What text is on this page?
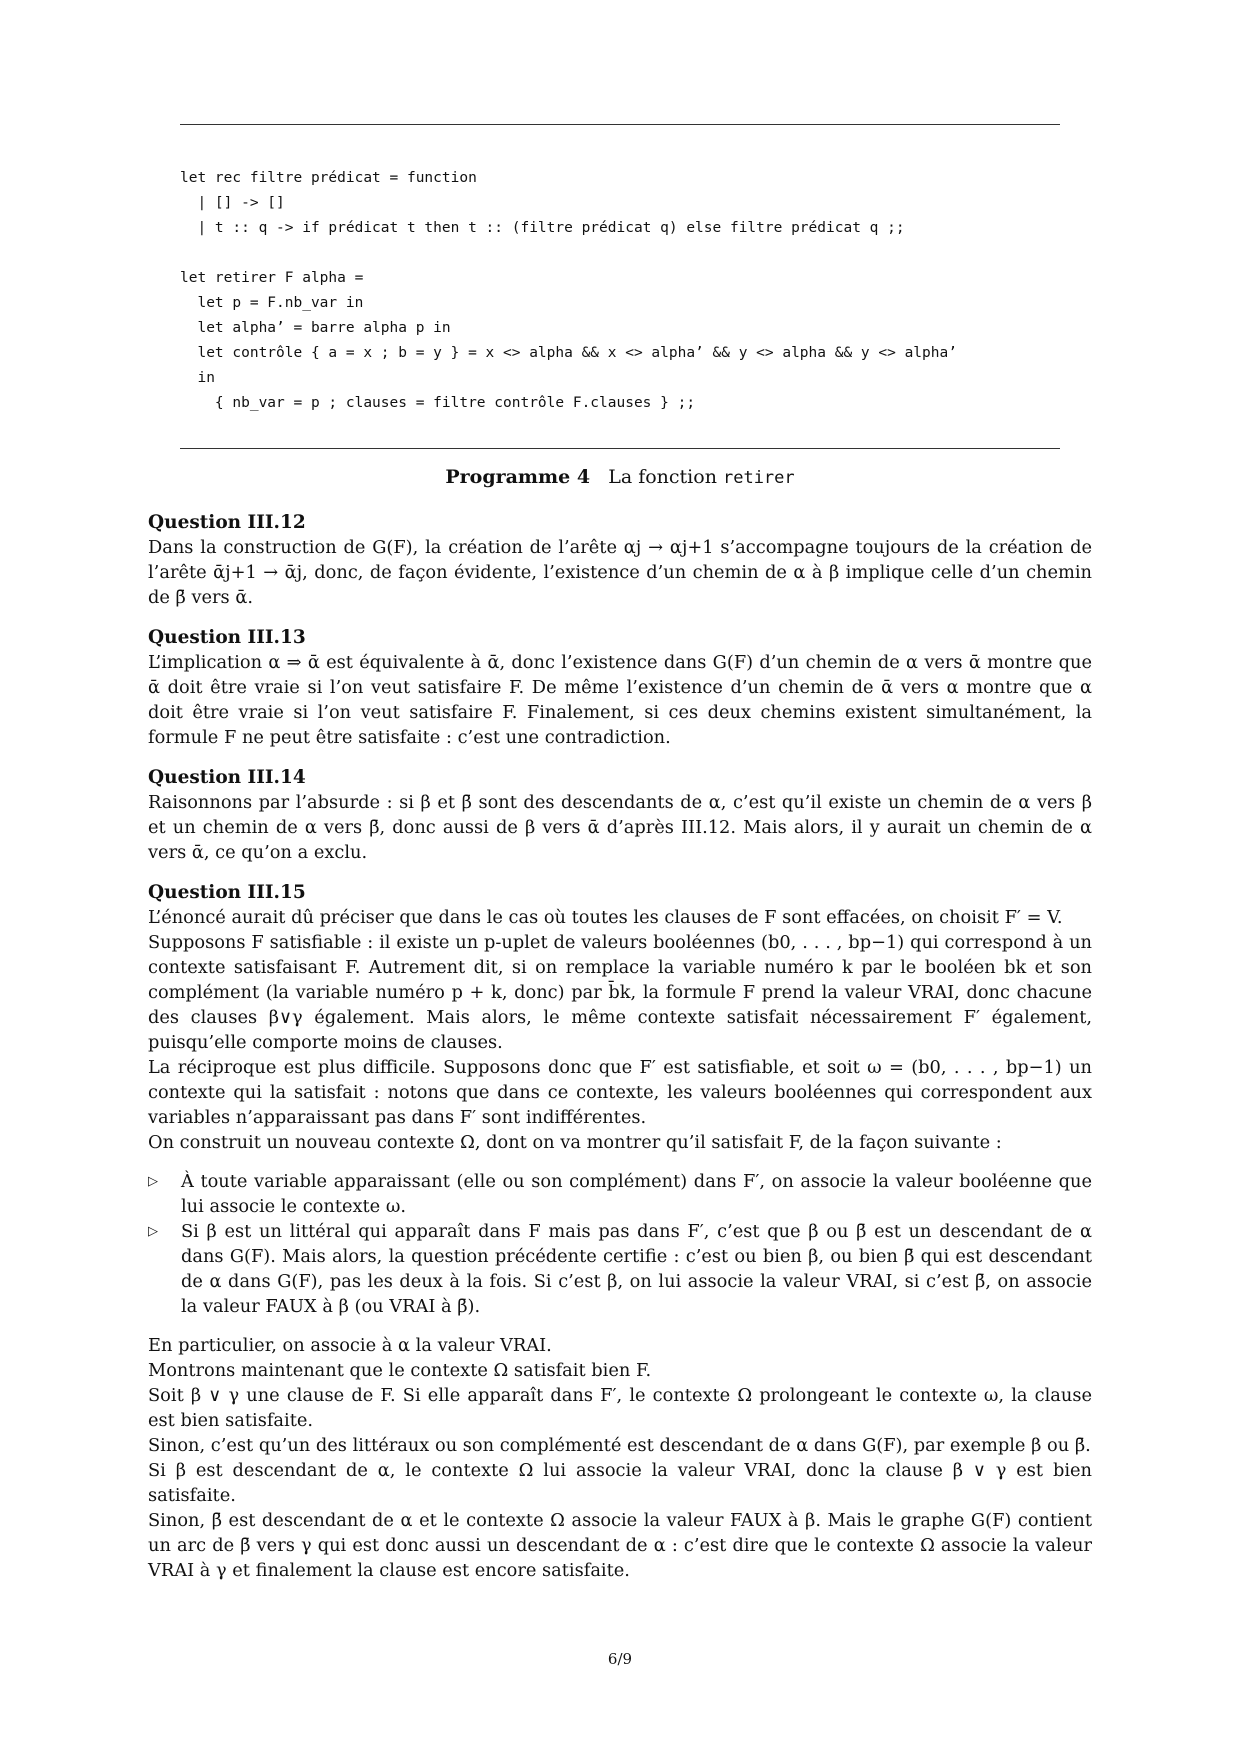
let rec filtre prédicat = function
| [] -> []
| t :: q -> if prédicat t then t :: (filtre prédicat q) else filtre prédicat q ;;
let retirer F alpha =
let p = F.nb_var in
let alpha’ = barre alpha p in
let contrôle { a = x ; b = y } = x <> alpha && x <> alpha’ && y <> alpha && y <> alpha’
in
{ nb_var = p ; clauses = filtre contrôle F.clauses } ;;
Programme 4 La fonction retirer
Question III.12

Dans la construction de G(F), la création de l’arête αj → αj+1 s’accompagne toujours de la création de l’arête ᾱj+1 → ᾱj, donc, de façon évidente, l’existence d’un chemin de α à β implique celle d’un chemin de β̄ vers ᾱ.

Question III.13

L’implication α ⇒ ᾱ est équivalente à ᾱ, donc l’existence dans G(F) d’un chemin de α vers ᾱ montre que ᾱ doit être vraie si l’on veut satisfaire F. De même l’existence d’un chemin de ᾱ vers α montre que α doit être vraie si l’on veut satisfaire F. Finalement, si ces deux chemins existent simultanément, la formule F ne peut être satisfaite : c’est une contradiction.

Question III.14

Raisonnons par l’absurde : si β et β̄ sont des descendants de α, c’est qu’il existe un chemin de α vers β et un chemin de α vers β̄, donc aussi de β vers ᾱ d’après III.12. Mais alors, il y aurait un chemin de α vers ᾱ, ce qu’on a exclu.

Question III.15

L’énoncé aurait dû préciser que dans le cas où toutes les clauses de F sont effacées, on choisit F′ = V.

Supposons F satisfiable : il existe un p-uplet de valeurs booléennes (b0, . . . , bp−1) qui correspond à un contexte satisfaisant F. Autrement dit, si on remplace la variable numéro k par le booléen bk et son complément (la variable numéro p + k, donc) par b̄k, la formule F prend la valeur VRAI, donc chacune des clauses β∨γ également. Mais alors, le même contexte satisfait nécessairement F′ également, puisqu’elle comporte moins de clauses.

La réciproque est plus difficile. Supposons donc que F′ est satisfiable, et soit ω = (b0, . . . , bp−1) un contexte qui la satisfait : notons que dans ce contexte, les valeurs booléennes qui correspondent aux variables n’apparaissant pas dans F′ sont indifférentes.

On construit un nouveau contexte Ω, dont on va montrer qu’il satisfait F, de la façon suivante :

▷ À toute variable apparaissant (elle ou son complément) dans F′, on associe la valeur booléenne que lui associe le contexte ω.
▷ Si β est un littéral qui apparaît dans F mais pas dans F′, c’est que β ou β̄ est un descendant de α dans G(F). Mais alors, la question précédente certifie : c’est ou bien β, ou bien β̄ qui est descendant de α dans G(F), pas les deux à la fois. Si c’est β, on lui associe la valeur VRAI, si c’est β̄, on associe la valeur FAUX à β (ou VRAI à β̄).

En particulier, on associe à α la valeur VRAI.

Montrons maintenant que le contexte Ω satisfait bien F.

Soit β ∨ γ une clause de F. Si elle apparaît dans F′, le contexte Ω prolongeant le contexte ω, la clause est bien satisfaite.

Sinon, c’est qu’un des littéraux ou son complémenté est descendant de α dans G(F), par exemple β ou β̄.

Si β est descendant de α, le contexte Ω lui associe la valeur VRAI, donc la clause β ∨ γ est bien satisfaite.

Sinon, β̄ est descendant de α et le contexte Ω associe la valeur FAUX à β. Mais le graphe G(F) contient un arc de β̄ vers γ qui est donc aussi un descendant de α : c’est dire que le contexte Ω associe la valeur VRAI à γ et finalement la clause est encore satisfaite.

6/9
